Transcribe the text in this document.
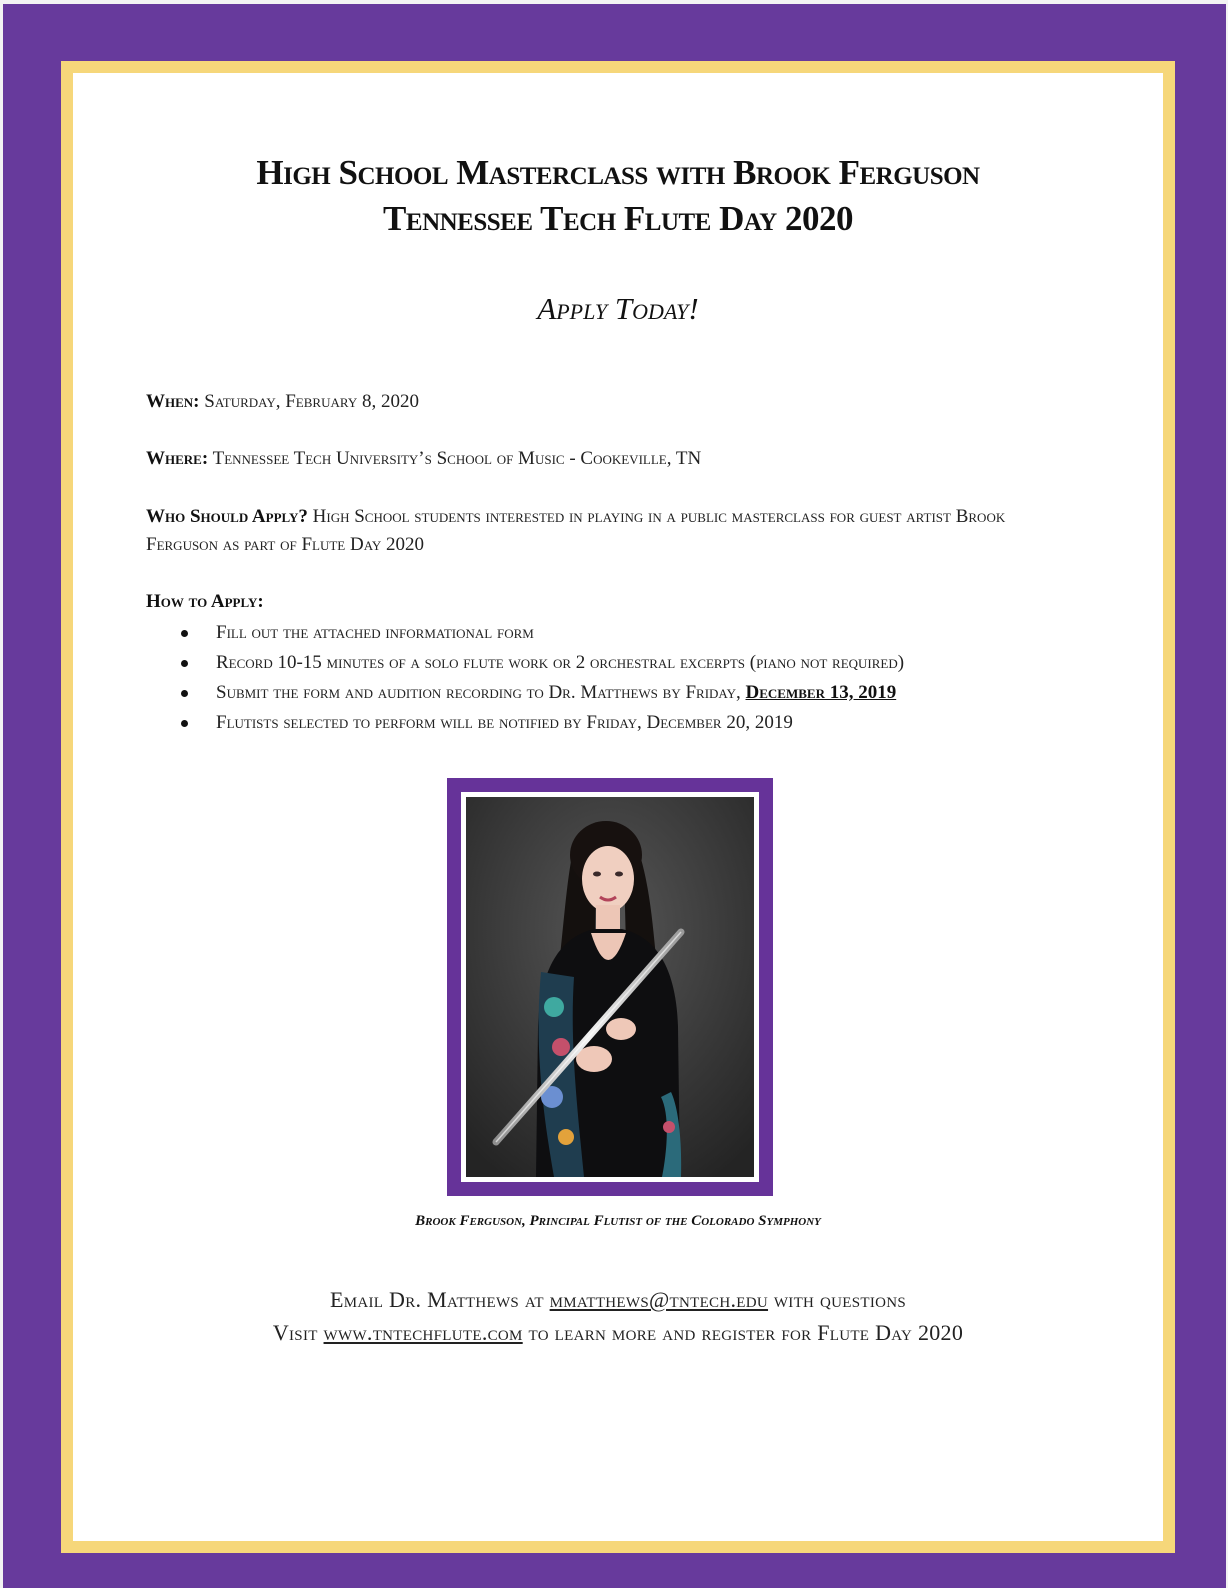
High School Masterclass with Brook Ferguson
Tennessee Tech Flute Day 2020
Apply Today!
When: Saturday, February 8, 2020
Where: Tennessee Tech University’s School of Music - Cookeville, TN
Who Should Apply? High School students interested in playing in a public masterclass for guest artist Brook Ferguson as part of Flute Day 2020
How to Apply:
Fill out the attached informational form
Record 10-15 minutes of a solo flute work or 2 orchestral excerpts (piano not required)
Submit the form and audition recording to Dr. Matthews by Friday, December 13, 2019
Flutists selected to perform will be notified by Friday, December 20, 2019
Brook Ferguson, Principal Flutist of the Colorado Symphony
Email Dr. Matthews at mmatthews@tntech.edu with questions
Visit www.tntechflute.com to learn more and register for Flute Day 2020
